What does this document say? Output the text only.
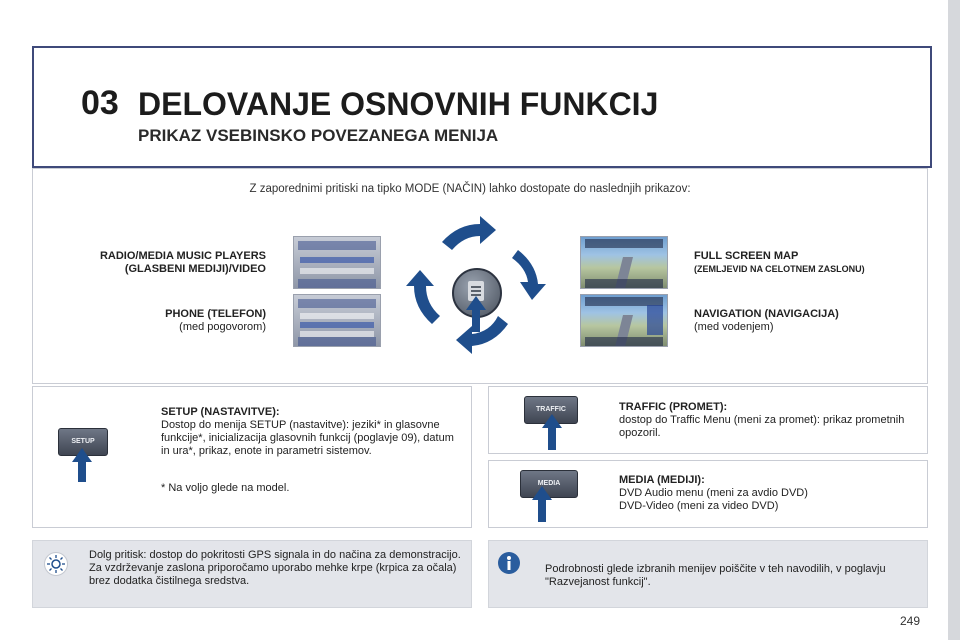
03 DELOVANJE OSNOVNIH FUNKCIJ
PRIKAZ VSEBINSKO POVEZANEGA MENIJA
Z zaporednimi pritiski na tipko MODE (NAČIN) lahko dostopate do naslednjih prikazov:
RADIO/MEDIA MUSIC PLAYERS
(GLASBENI MEDIJI)/VIDEO
PHONE (TELEFON)
(med pogovorom)
FULL SCREEN MAP
(ZEMLJEVID NA CELOTNEM ZASLONU)
NAVIGATION (NAVIGACIJA)
(med vodenjem)
SETUP
SETUP (NASTAVITVE):
Dostop do menija SETUP (nastavitve): jeziki* in glasovne funkcije*, inicializacija glasovnih funkcij (poglavje 09), datum in ura*, prikaz, enote in parametri sistemov.
* Na voljo glede na model.
TRAFFIC	TRAFFIC (PROMET):
dostop do Traffic Menu (meni za promet): prikaz prometnih opozoril.
MEDIA	MEDIA (MEDIJI):
DVD Audio menu (meni za avdio DVD)
DVD-Video (meni za video DVD)
Dolg pritisk: dostop do pokritosti GPS signala in do načina za demonstracijo.
Za vzdrževanje zaslona priporočamo uporabo mehke krpe (krpica za očala) brez dodatka čistilnega sredstva.
Podrobnosti glede izbranih menijev poiščite v teh navodilih, v poglavju "Razvejanost funkcij".
249
